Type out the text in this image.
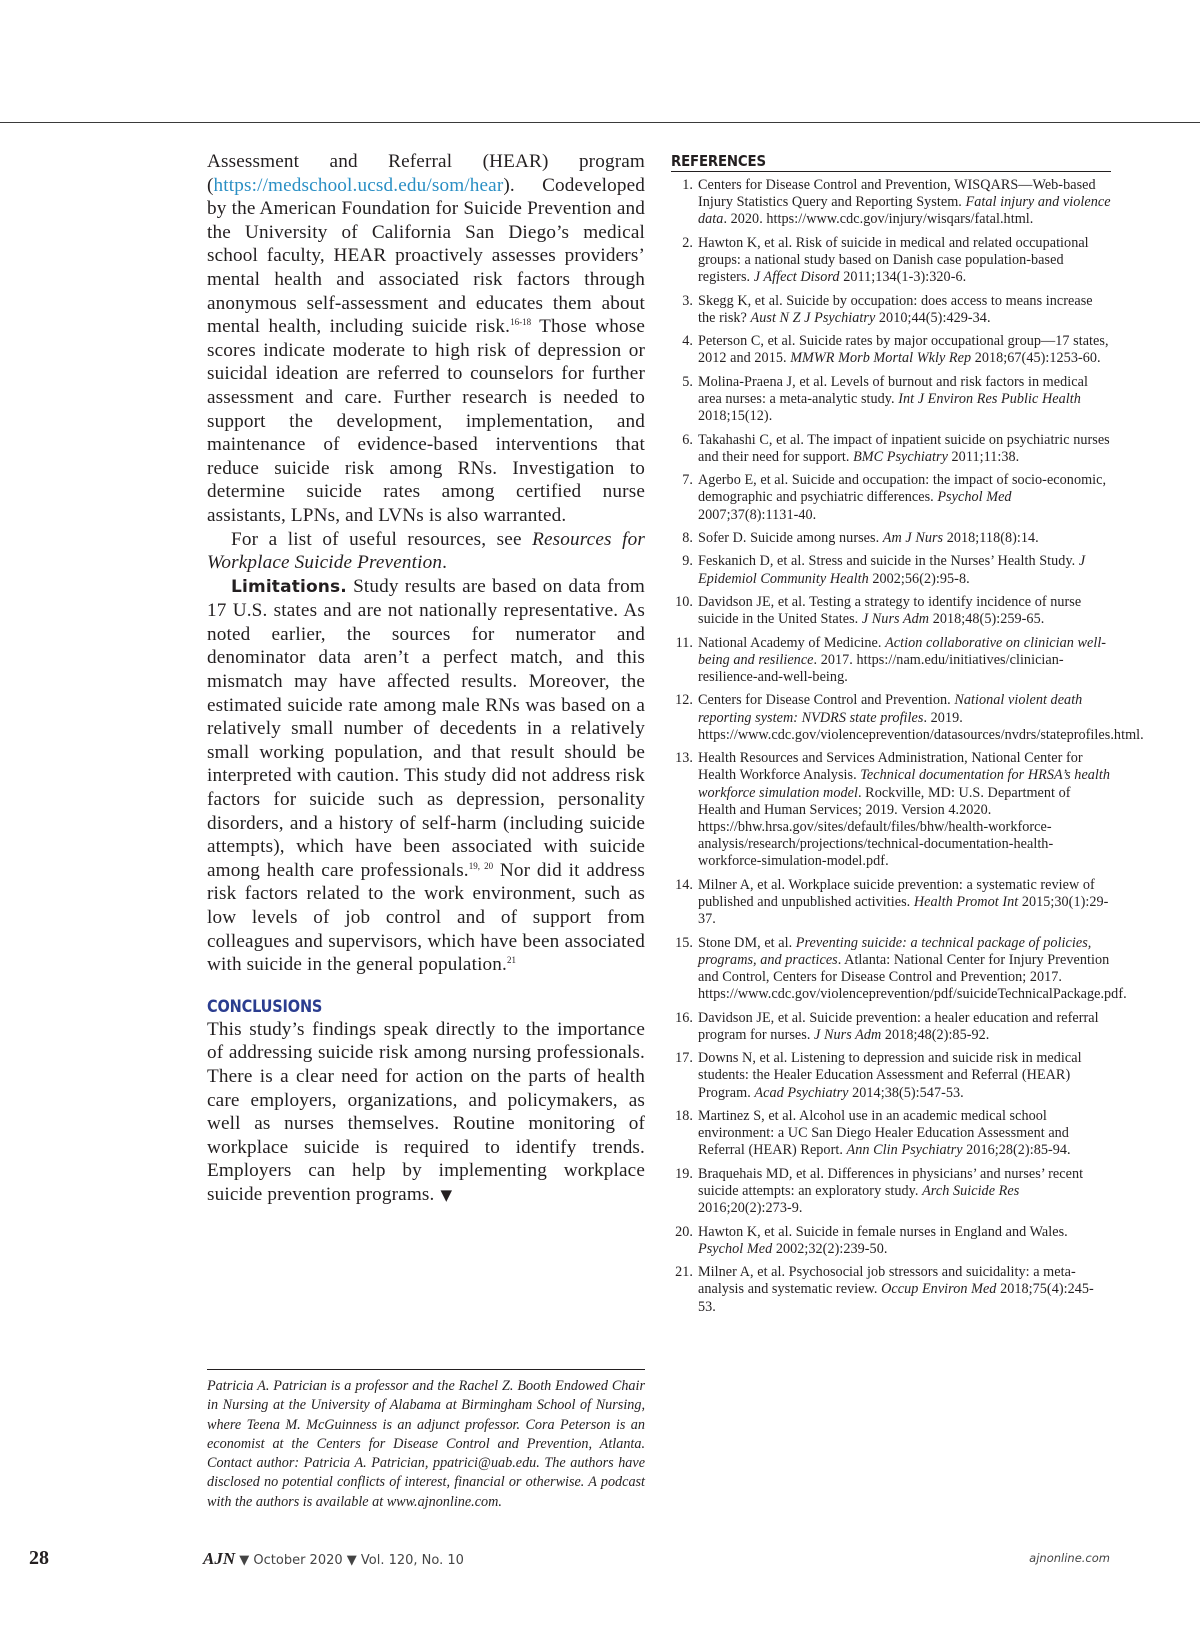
Assessment and Referral (HEAR) program (https://medschool.ucsd.edu/som/hear). Codeveloped by the American Foundation for Suicide Prevention and the University of California San Diego’s medical school faculty, HEAR proactively assesses providers’ mental health and associated risk factors through anonymous self-assessment and educates them about mental health, including suicide risk.$^{16-18}$ Those whose scores indicate moderate to high risk of depression or suicidal ideation are referred to counselors for further assessment and care. Further research is needed to support the development, implementation, and maintenance of evidence-based interventions that reduce suicide risk among RNs. Investigation to determine suicide rates among certified nurse assistants, LPNs, and LVNs is also warranted.

For a list of useful resources, see Resources for Workplace Suicide Prevention.

Limitations. Study results are based on data from 17 U.S. states and are not nationally representative. As noted earlier, the sources for numerator and denominator data aren’t a perfect match, and this mismatch may have affected results. Moreover, the estimated suicide rate among male RNs was based on a relatively small number of decedents in a relatively small working population, and that result should be interpreted with caution. This study did not address risk factors for suicide such as depression, personality disorders, and a history of self-harm (including suicide attempts), which have been associated with suicide among health care professionals.$^{19, 20}$ Nor did it address risk factors related to the work environment, such as low levels of job control and of support from colleagues and supervisors, which have been associated with suicide in the general population.$^{21}$

CONCLUSIONS

This study’s findings speak directly to the importance of addressing suicide risk among nursing professionals. There is a clear need for action on the parts of health care employers, organizations, and policymakers, as well as nurses themselves. Routine monitoring of workplace suicide is required to identify trends. Employers can help by implementing workplace suicide prevention programs. ▼

Patricia A. Patrician is a professor and the Rachel Z. Booth Endowed Chair in Nursing at the University of Alabama at Birmingham School of Nursing, where Teena M. McGuinness is an adjunct professor. Cora Peterson is an economist at the Centers for Disease Control and Prevention, Atlanta. Contact author: Patricia A. Patrician, ppatrici@uab.edu. The authors have disclosed no potential conflicts of interest, financial or otherwise. A podcast with the authors is available at www.ajnonline.com.

REFERENCES
1. Centers for Disease Control and Prevention, WISQARS—Web-based Injury Statistics Query and Reporting System. Fatal injury and violence data. 2020. https://www.cdc.gov/injury/wisqars/fatal.html.
2. Hawton K, et al. Risk of suicide in medical and related occupational groups: a national study based on Danish case population-based registers. J Affect Disord 2011;134(1-3):320-6.
3. Skegg K, et al. Suicide by occupation: does access to means increase the risk? Aust N Z J Psychiatry 2010;44(5):429-34.
4. Peterson C, et al. Suicide rates by major occupational group—17 states, 2012 and 2015. MMWR Morb Mortal Wkly Rep 2018;67(45):1253-60.
5. Molina-Praena J, et al. Levels of burnout and risk factors in medical area nurses: a meta-analytic study. Int J Environ Res Public Health 2018;15(12).
6. Takahashi C, et al. The impact of inpatient suicide on psychiatric nurses and their need for support. BMC Psychiatry 2011;11:38.
7. Agerbo E, et al. Suicide and occupation: the impact of socio-economic, demographic and psychiatric differences. Psychol Med 2007;37(8):1131-40.
8. Sofer D. Suicide among nurses. Am J Nurs 2018;118(8):14.
9. Feskanich D, et al. Stress and suicide in the Nurses’ Health Study. J Epidemiol Community Health 2002;56(2):95-8.
10. Davidson JE, et al. Testing a strategy to identify incidence of nurse suicide in the United States. J Nurs Adm 2018;48(5):259-65.
11. National Academy of Medicine. Action collaborative on clinician well-being and resilience. 2017. https://nam.edu/initiatives/clinician-resilience-and-well-being.
12. Centers for Disease Control and Prevention. National violent death reporting system: NVDRS state profiles. 2019. https://www.cdc.gov/violenceprevention/datasources/nvdrs/stateprofiles.html.
13. Health Resources and Services Administration, National Center for Health Workforce Analysis. Technical documentation for HRSA’s health workforce simulation model. Rockville, MD: U.S. Department of Health and Human Services; 2019. Version 4.2020. https://bhw.hrsa.gov/sites/default/files/bhw/health-workforce-analysis/research/projections/technical-documentation-health-workforce-simulation-model.pdf.
14. Milner A, et al. Workplace suicide prevention: a systematic review of published and unpublished activities. Health Promot Int 2015;30(1):29-37.
15. Stone DM, et al. Preventing suicide: a technical package of policies, programs, and practices. Atlanta: National Center for Injury Prevention and Control, Centers for Disease Control and Prevention; 2017. https://www.cdc.gov/violenceprevention/pdf/suicideTechnicalPackage.pdf.
16. Davidson JE, et al. Suicide prevention: a healer education and referral program for nurses. J Nurs Adm 2018;48(2):85-92.
17. Downs N, et al. Listening to depression and suicide risk in medical students: the Healer Education Assessment and Referral (HEAR) Program. Acad Psychiatry 2014;38(5):547-53.
18. Martinez S, et al. Alcohol use in an academic medical school environment: a UC San Diego Healer Education Assessment and Referral (HEAR) Report. Ann Clin Psychiatry 2016;28(2):85-94.
19. Braquehais MD, et al. Differences in physicians’ and nurses’ recent suicide attempts: an exploratory study. Arch Suicide Res 2016;20(2):273-9.
20. Hawton K, et al. Suicide in female nurses in England and Wales. Psychol Med 2002;32(2):239-50.
21. Milner A, et al. Psychosocial job stressors and suicidality: a meta-analysis and systematic review. Occup Environ Med 2018;75(4):245-53.
28	AJN ▼ October 2020 ▼ Vol. 120, No. 10	ajnonline.com
